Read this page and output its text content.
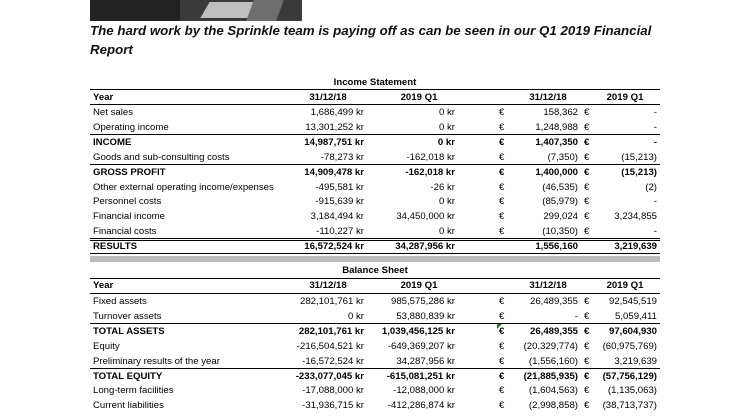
The hard work by the Sprinkle team is paying off as can be seen in our Q1 2019 Financial Report
Income Statement
Year	31/12/18	2019 Q1	31/12/18	2019 Q1
Net sales	1,686,499 kr	0 kr	€	158,362 €	-
Operating income	13,301,252 kr	0 kr	€	1,248,988 €	-
INCOME	14,987,751 kr	0 kr	€	1,407,350 €	-
Goods and sub-consulting costs	-78,273 kr	-162,018 kr	€	(7,350) €	(15,213)
GROSS PROFIT	14,909,478 kr	-162,018 kr	€	1,400,000 €	(15,213)
Other external operating income/expenses	-495,581 kr	-26 kr	€	(46,535) €	(2)
Personnel costs	-915,639 kr	0 kr	€	(85,979) €	-
Financial income	3,184,494 kr	34,450,000 kr	€	299,024 €	3,234,855
Financial costs	-110,227 kr	0 kr	€	(10,350) €	-
RESULTS	16,572,524 kr	34,287,956 kr	1,556,160	3,219,639
Balance Sheet
Year	31/12/18	2019 Q1	31/12/18	2019 Q1
Fixed assets	282,101,761 kr	985,575,286 kr	€	26,489,355 € 92,545,519
Turnover assets	0 kr	53,880,839 kr	€	- €	5,059,411
TOTAL ASSETS	282,101,761 kr 1,039,456,125 kr	€	26,489,355 € 97,604,930
Equity	-216,504,521 kr -649,369,207 kr	€ (20,329,774) € (60,975,769)
Preliminary results of the year	-16,572,524 kr	34,287,956 kr	€	(1,556,160) €	3,219,639
TOTAL EQUITY	-233,077,045 kr -615,081,251 kr	€ (21,885,935) € (57,756,129)
Long-term facilities	-17,088,000 kr	-12,088,000 kr	€	(1,604,563) € (1,135,063)
Current liabilities	-31,936,715 kr -412,286,874 kr	€	(2,998,858) € (38,713,737)
